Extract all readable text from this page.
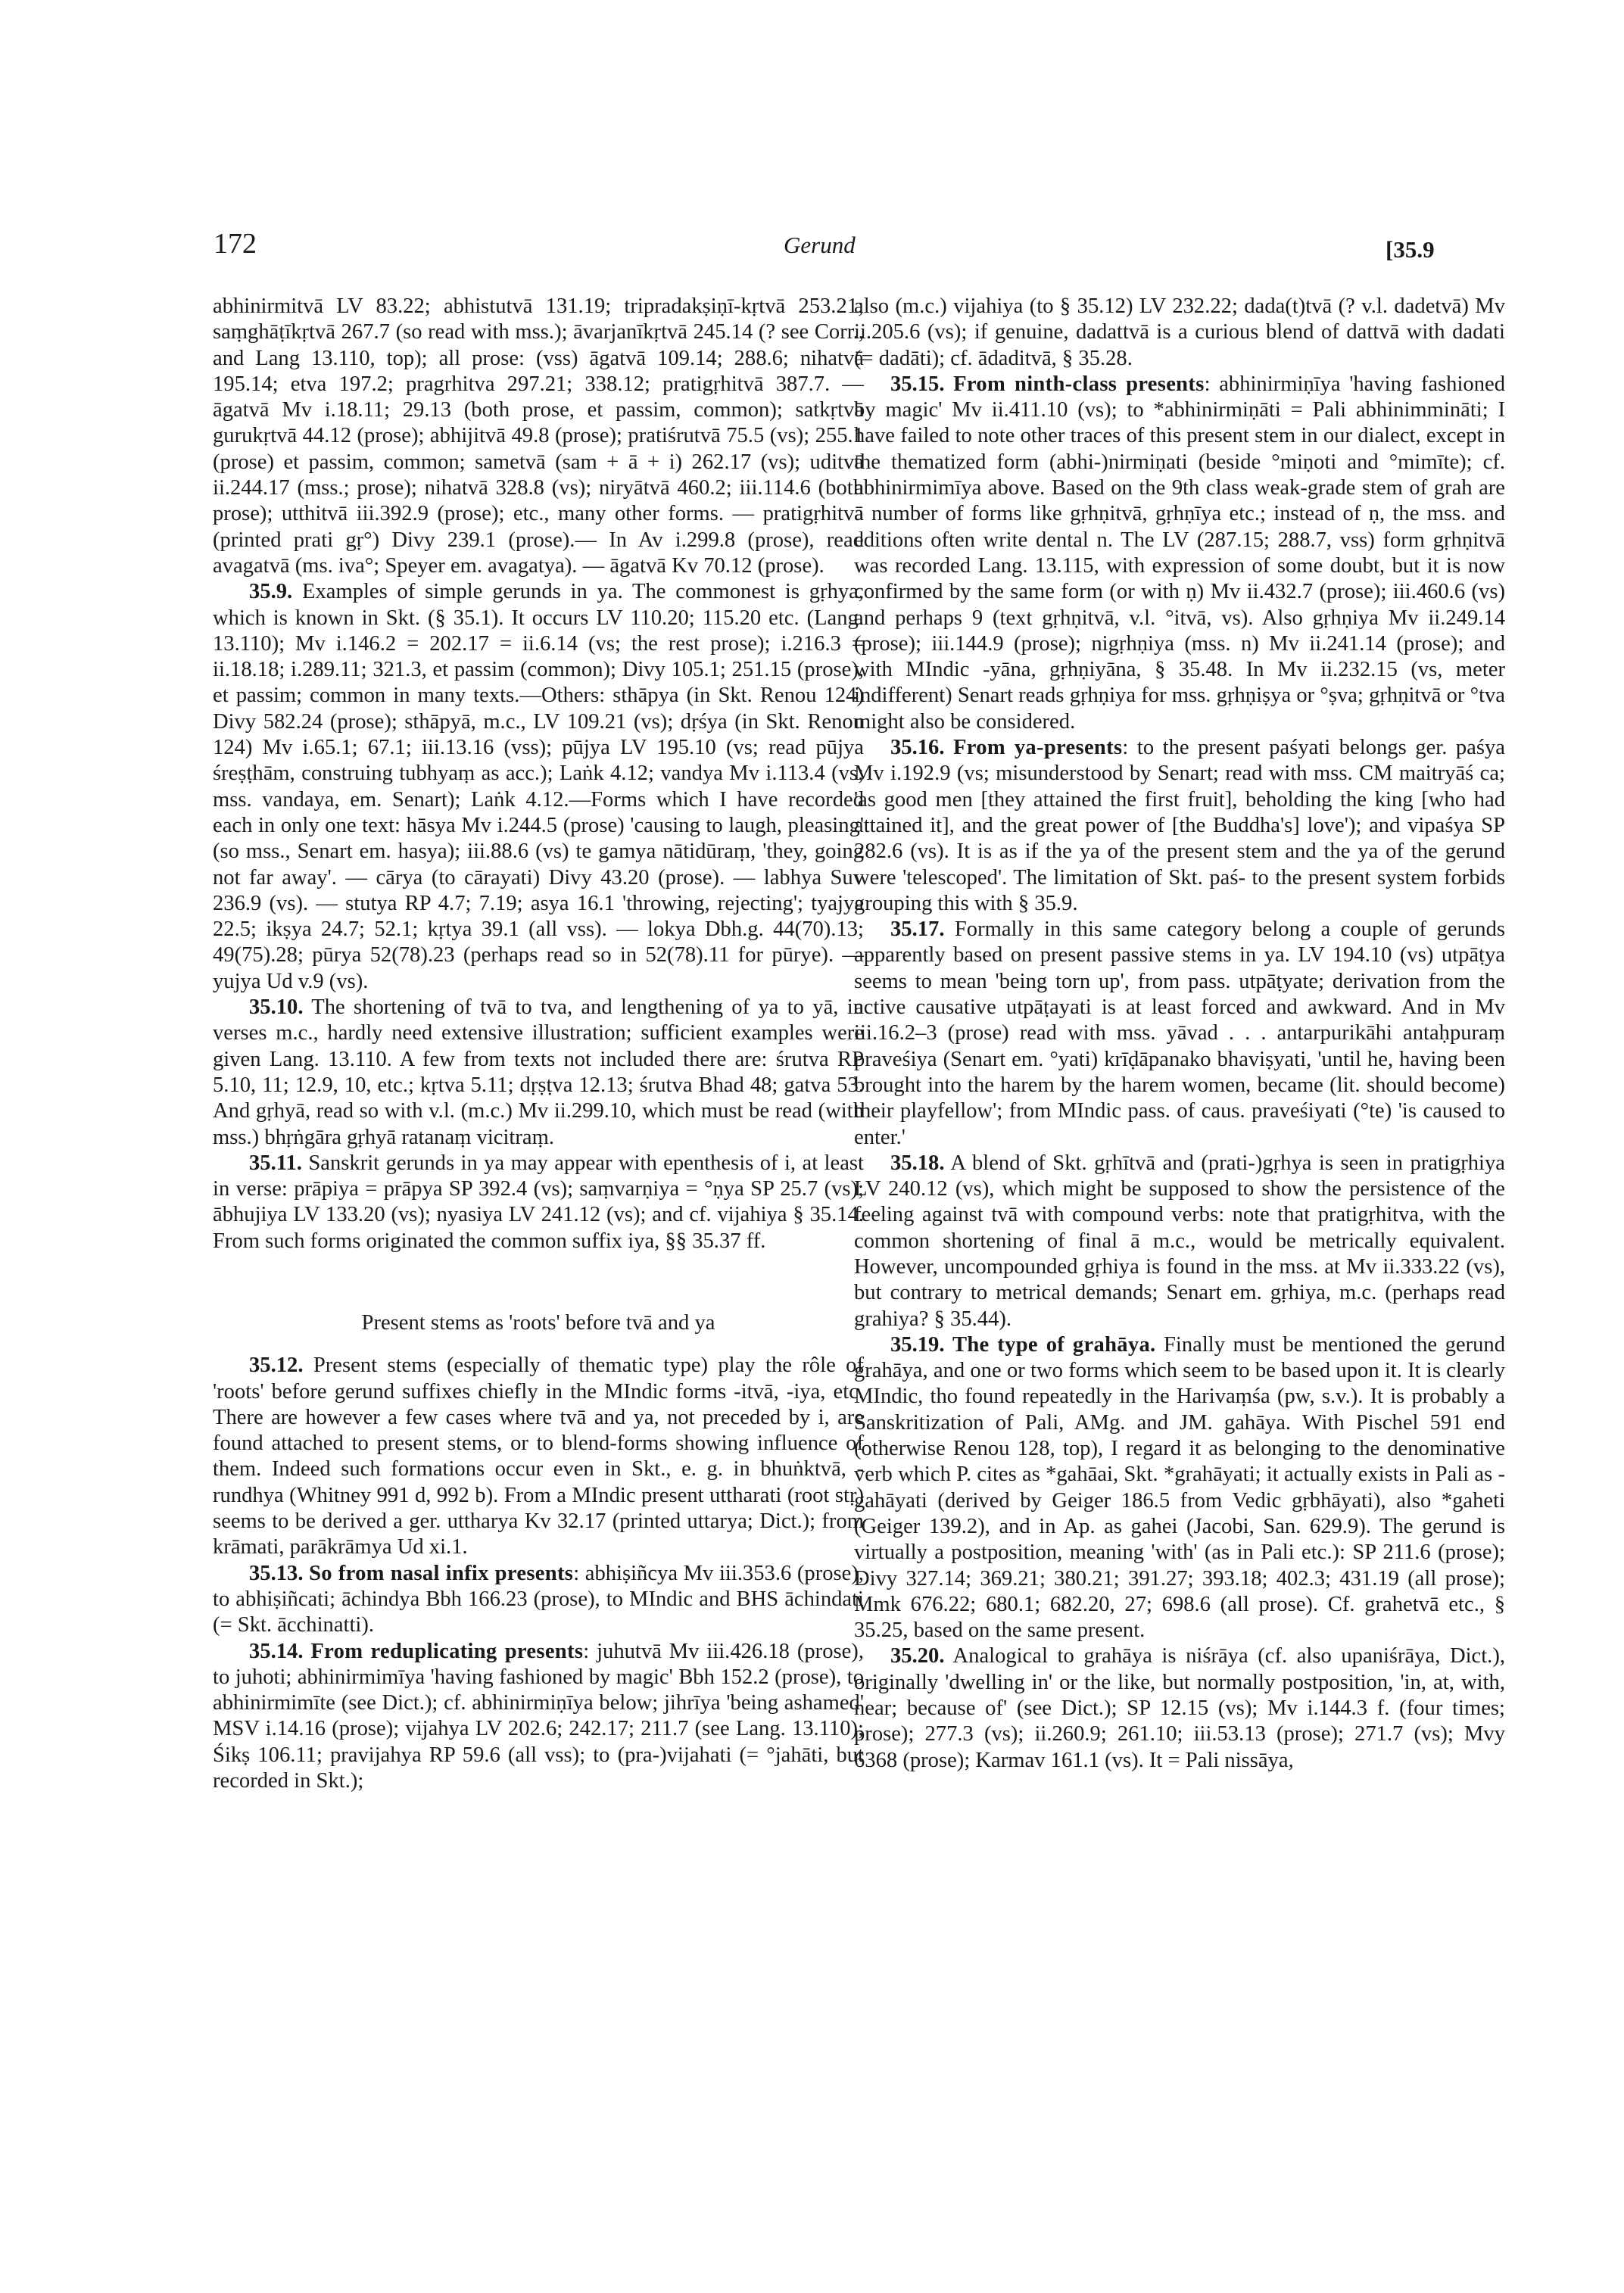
172	Gerund	[35.9

abhinirmitvā LV 83.22; abhistutvā 131.19; tripradakṣiṇī-kṛtvā 253.21; saṃghāṭīkṛtvā 267.7 (so read with mss.); āvarjanīkṛtvā 245.14 (? see Corr., and Lang 13.110, top); all prose: (vss) āgatvā 109.14; 288.6; nihatvā 195.14; etva 197.2; pragrhitva 297.21; 338.12; pratigṛhitvā 387.7. — āgatvā Mv i.18.11; 29.13 (both prose, et passim, common); satkṛtvā gurukṛtvā 44.12 (prose); abhijitvā 49.8 (prose); pratiśrutvā 75.5 (vs); 255.1 (prose) et passim, common; sametvā (sam + ā + i) 262.17 (vs); uditvā ii.244.17 (mss.; prose); nihatvā 328.8 (vs); niryātvā 460.2; iii.114.6 (both prose); utthitvā iii.392.9 (prose); etc., many other forms. — pratigṛhitvā (printed prati gṛ°) Divy 239.1 (prose).— In Av i.299.8 (prose), read avagatvā (ms. iva°; Speyer em. avagatya). — āgatvā Kv 70.12 (prose).

35.9. Examples of simple gerunds in ya. The commonest is gṛhya, which is known in Skt. (§ 35.1). It occurs LV 110.20; 115.20 etc. (Lang. 13.110); Mv i.146.2 = 202.17 = ii.6.14 (vs; the rest prose); i.216.3 = ii.18.18; i.289.11; 321.3, et passim (common); Divy 105.1; 251.15 (prose), et passim; common in many texts.—Others: sthāpya (in Skt. Renou 124) Divy 582.24 (prose); sthāpyā, m.c., LV 109.21 (vs); dṛśya (in Skt. Renou 124) Mv i.65.1; 67.1; iii.13.16 (vss); pūjya LV 195.10 (vs; read pūjya śreṣṭhām, construing tubhyaṃ as acc.); Laṅk 4.12; vandya Mv i.113.4 (vs; mss. vandaya, em. Senart); Laṅk 4.12.—Forms which I have recorded each in only one text: hāsya Mv i.244.5 (prose) 'causing to laugh, pleasing' (so mss., Senart em. hasya); iii.88.6 (vs) te gamya nātidūraṃ, 'they, going not far away'. — cārya (to cārayati) Divy 43.20 (prose). — labhya Suv 236.9 (vs). — stutya RP 4.7; 7.19; asya 16.1 'throwing, rejecting'; tyajya 22.5; ikṣya 24.7; 52.1; kṛtya 39.1 (all vss). — lokya Dbh.g. 44(70).13; 49(75).28; pūrya 52(78).23 (perhaps read so in 52(78).11 for pūrye). — yujya Ud v.9 (vs).

35.10. The shortening of tvā to tva, and lengthening of ya to yā, in verses m.c., hardly need extensive illustration; sufficient examples were given Lang. 13.110. A few from texts not included there are: śrutva RP 5.10, 11; 12.9, 10, etc.; kṛtva 5.11; dṛṣṭva 12.13; śrutva Bhad 48; gatva 53. And gṛhyā, read so with v.l. (m.c.) Mv ii.299.10, which must be read (with mss.) bhṛṅgāra gṛhyā ratanaṃ vicitraṃ.

35.11. Sanskrit gerunds in ya may appear with epenthesis of i, at least in verse: prāpiya = prāpya SP 392.4 (vs); saṃvarṇiya = °ṇya SP 25.7 (vs); ābhujiya LV 133.20 (vs); nyasiya LV 241.12 (vs); and cf. vijahiya § 35.14. From such forms originated the common suffix iya, §§ 35.37 ff.

Present stems as 'roots' before tvā and ya

35.12. Present stems (especially of thematic type) play the rôle of 'roots' before gerund suffixes chiefly in the MIndic forms -itvā, -iya, etc. There are however a few cases where tvā and ya, not preceded by i, are found attached to present stems, or to blend-forms showing influence of them. Indeed such formations occur even in Skt., e. g. in bhuṅktvā, -rundhya (Whitney 991 d, 992 b). From a MIndic present uttharati (root stṛ) seems to be derived a ger. uttharya Kv 32.17 (printed uttarya; Dict.); from krāmati, parākrāmya Ud xi.1.

35.13. So from nasal infix presents: abhiṣiñcya Mv iii.353.6 (prose), to abhiṣiñcati; āchindya Bbh 166.23 (prose), to MIndic and BHS āchindati (= Skt. ācchinatti).

35.14. From reduplicating presents: juhutvā Mv iii.426.18 (prose), to juhoti; abhinirmimīya 'having fashioned by magic' Bbh 152.2 (prose), to abhinirmimīte (see Dict.); cf. abhinirmiṇīya below; jihrīya 'being ashamed' MSV i.14.16 (prose); vijahya LV 202.6; 242.17; 211.7 (see Lang. 13.110); Śikṣ 106.11; pravijahya RP 59.6 (all vss); to (pra-)vijahati (= °jahāti, but recorded in Skt.);

also (m.c.) vijahiya (to § 35.12) LV 232.22; dada(t)tvā (? v.l. dadetvā) Mv ii.205.6 (vs); if genuine, dadattvā is a curious blend of dattvā with dadati (= dadāti); cf. ādaditvā, § 35.28.

35.15. From ninth-class presents: abhinirmiṇīya 'having fashioned by magic' Mv ii.411.10 (vs); to *abhinirmiṇāti = Pali abhinimmināti; I have failed to note other traces of this present stem in our dialect, except in the thematized form (abhi-)nirmiṇati (beside °miṇoti and °mimīte); cf. abhinirmimīya above. Based on the 9th class weak-grade stem of grah are a number of forms like gṛhṇitvā, gṛhṇīya etc.; instead of ṇ, the mss. and editions often write dental n. The LV (287.15; 288.7, vss) form gṛhṇitvā was recorded Lang. 13.115, with expression of some doubt, but it is now confirmed by the same form (or with ṇ) Mv ii.432.7 (prose); iii.460.6 (vs) and perhaps 9 (text gṛhṇitvā, v.l. °itvā, vs). Also gṛhṇiya Mv ii.249.14 (prose); iii.144.9 (prose); nigṛhṇiya (mss. n) Mv ii.241.14 (prose); and with MIndic -yāna, gṛhṇiyāna, § 35.48. In Mv ii.232.15 (vs, meter indifferent) Senart reads gṛhṇiya for mss. gṛhṇiṣya or °ṣva; gṛhṇitvā or °tva might also be considered.

35.16. From ya-presents: to the present paśyati belongs ger. paśya Mv i.192.9 (vs; misunderstood by Senart; read with mss. CM maitryāś ca; 'as good men [they attained the first fruit], beholding the king [who had attained it], and the great power of [the Buddha's] love'); and vipaśya SP 282.6 (vs). It is as if the ya of the present stem and the ya of the gerund were 'telescoped'. The limitation of Skt. paś- to the present system forbids grouping this with § 35.9.

35.17. Formally in this same category belong a couple of gerunds apparently based on present passive stems in ya. LV 194.10 (vs) utpāṭya seems to mean 'being torn up', from pass. utpāṭyate; derivation from the active causative utpāṭayati is at least forced and awkward. And in Mv iii.16.2–3 (prose) read with mss. yāvad . . . antarpurikāhi antaḥpuraṃ praveśiya (Senart em. °yati) krīḍāpanako bhaviṣyati, 'until he, having been brought into the harem by the harem women, became (lit. should become) their playfellow'; from MIndic pass. of caus. praveśiyati (°te) 'is caused to enter.'

35.18. A blend of Skt. gṛhītvā and (prati-)gṛhya is seen in pratigṛhiya LV 240.12 (vs), which might be supposed to show the persistence of the feeling against tvā with compound verbs: note that pratigṛhitva, with the common shortening of final ā m.c., would be metrically equivalent. However, uncompounded gṛhiya is found in the mss. at Mv ii.333.22 (vs), but contrary to metrical demands; Senart em. gṛhiya, m.c. (perhaps read grahiya? § 35.44).

35.19. The type of grahāya. Finally must be mentioned the gerund grahāya, and one or two forms which seem to be based upon it. It is clearly MIndic, tho found repeatedly in the Harivaṃśa (pw, s.v.). It is probably a Sanskritization of Pali, AMg. and JM. gahāya. With Pischel 591 end (otherwise Renou 128, top), I regard it as belonging to the denominative verb which P. cites as *gahāai, Skt. *grahāyati; it actually exists in Pali as -gahāyati (derived by Geiger 186.5 from Vedic gṛbhāyati), also *gaheti (Geiger 139.2), and in Ap. as gahei (Jacobi, San. 629.9). The gerund is virtually a postposition, meaning 'with' (as in Pali etc.): SP 211.6 (prose); Divy 327.14; 369.21; 380.21; 391.27; 393.18; 402.3; 431.19 (all prose); Mmk 676.22; 680.1; 682.20, 27; 698.6 (all prose). Cf. grahetvā etc., § 35.25, based on the same present.

35.20. Analogical to grahāya is niśrāya (cf. also upaniśrāya, Dict.), originally 'dwelling in' or the like, but normally postposition, 'in, at, with, near; because of' (see Dict.); SP 12.15 (vs); Mv i.144.3 f. (four times; prose); 277.3 (vs); ii.260.9; 261.10; iii.53.13 (prose); 271.7 (vs); Mvy 6368 (prose); Karmav 161.1 (vs). It = Pali nissāya,
